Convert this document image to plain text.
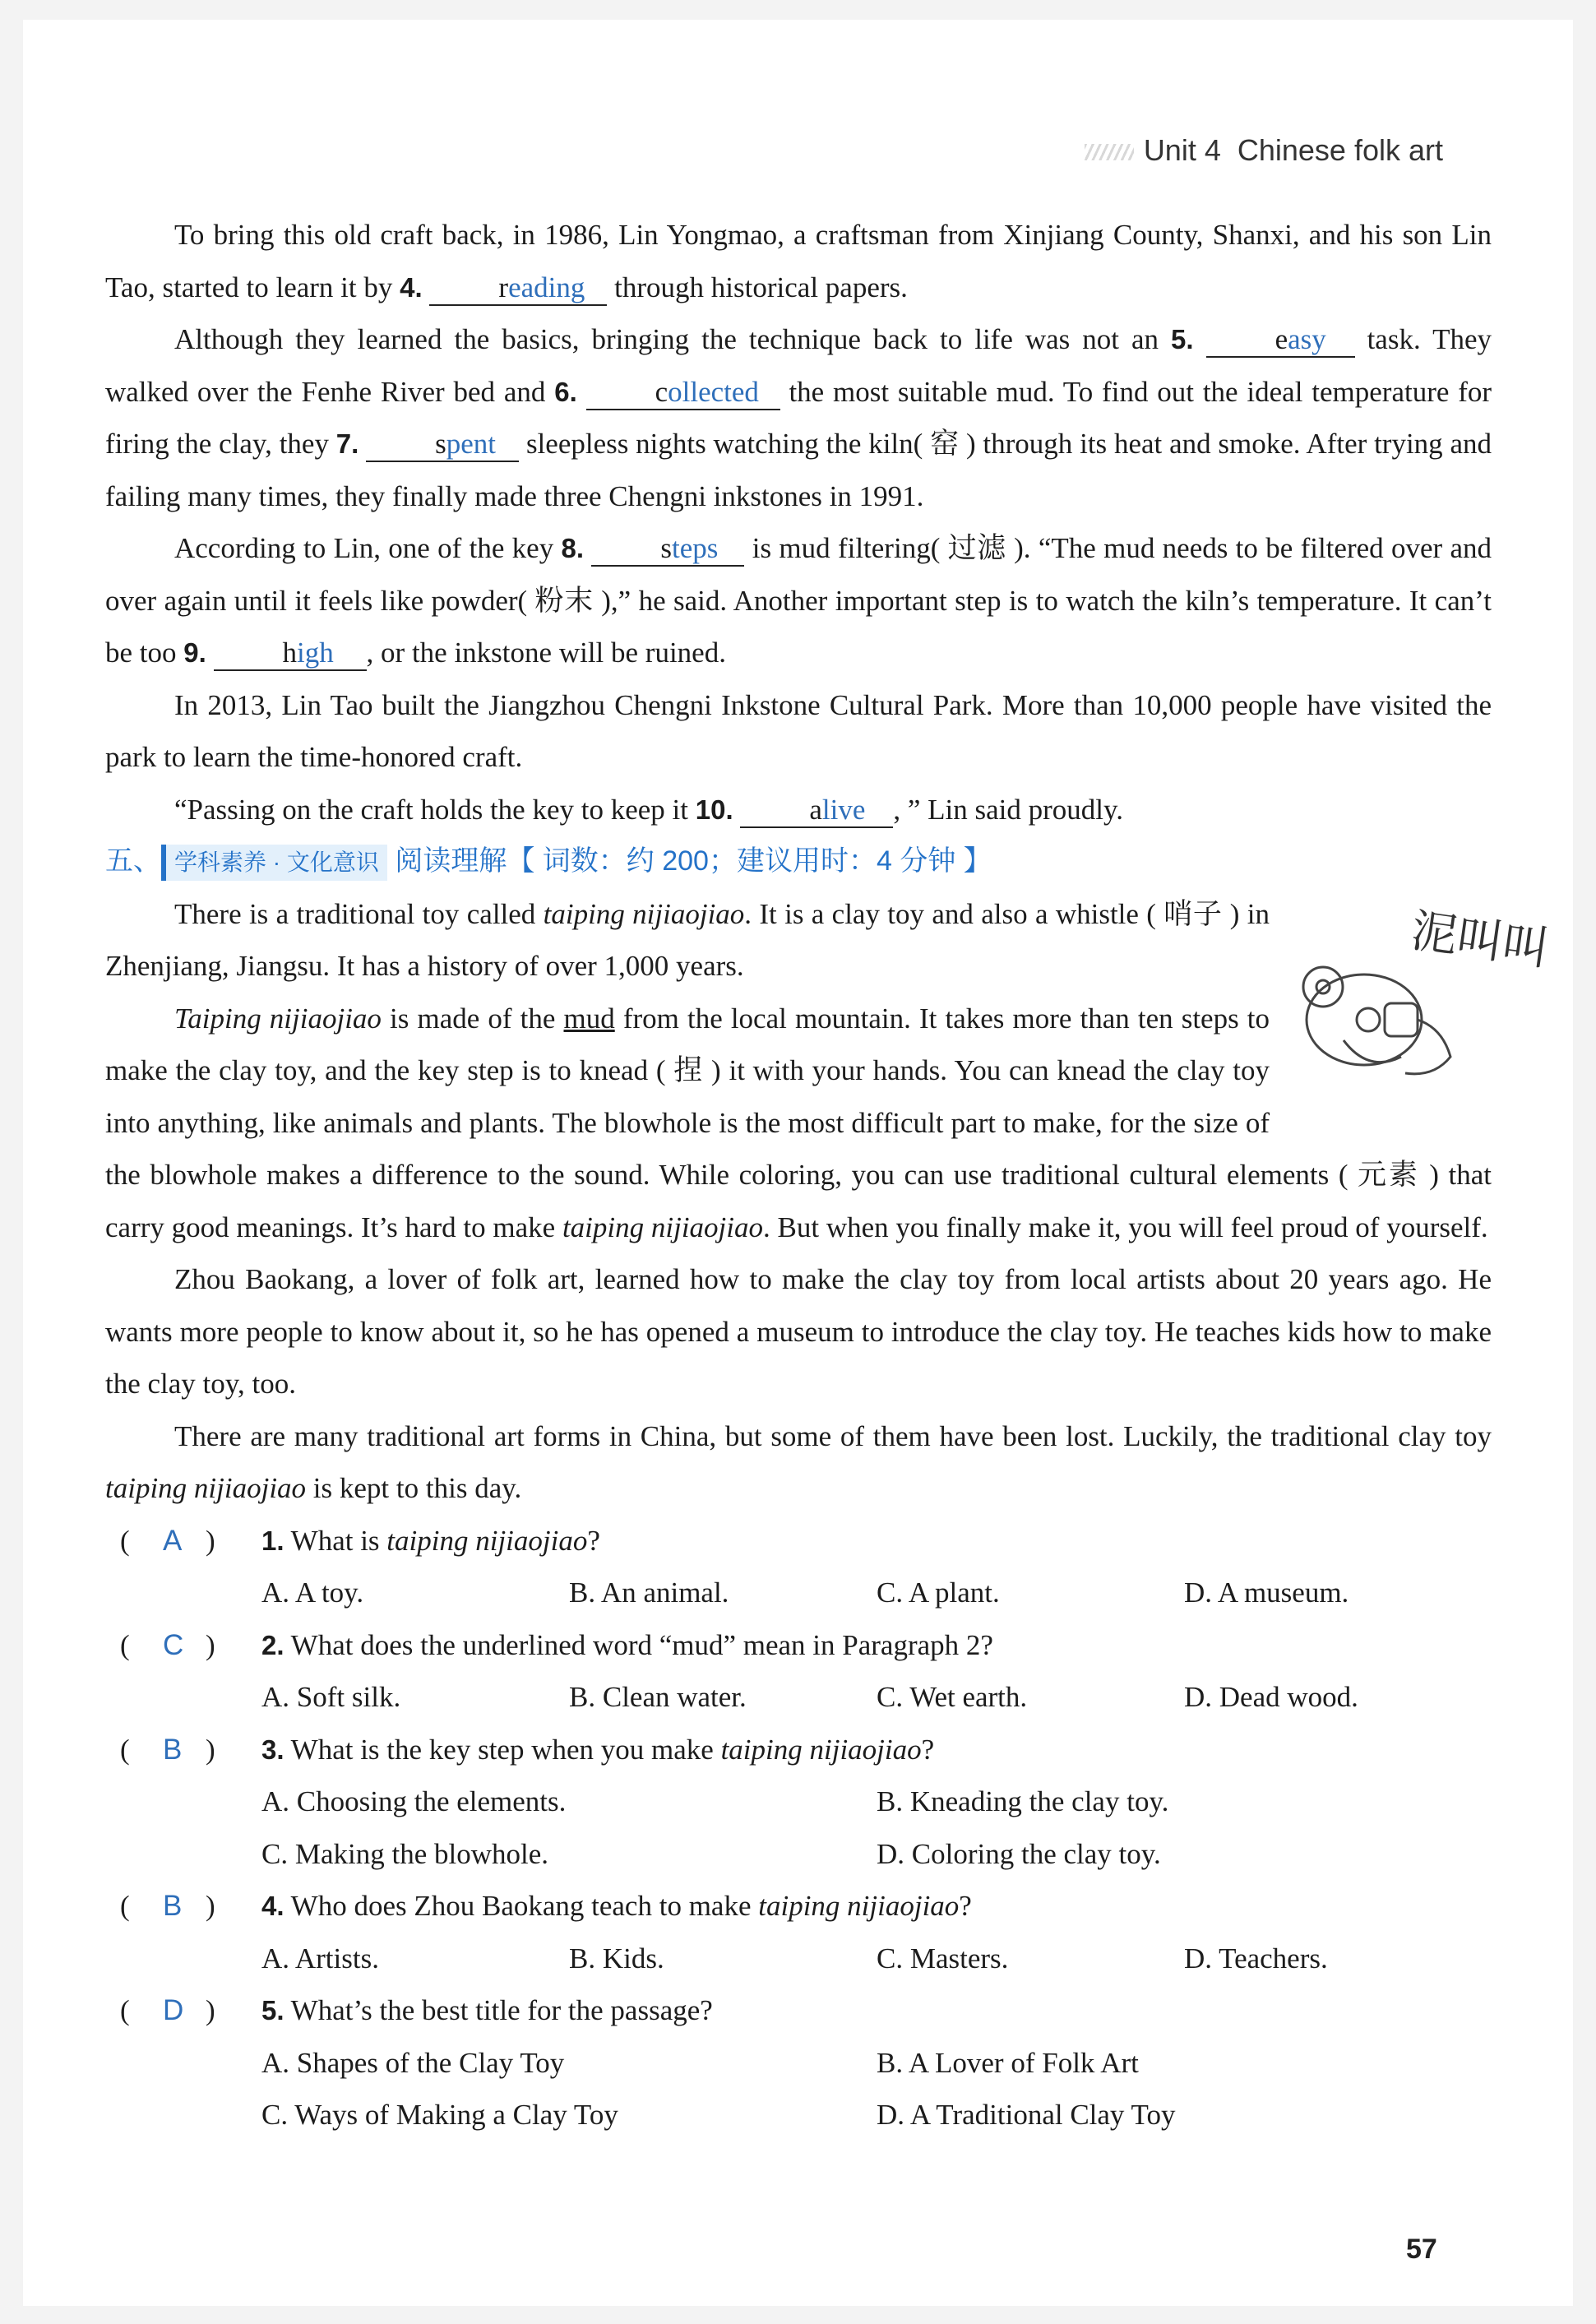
Unit 4 Chinese folk art

To bring this old craft back, in 1986, Lin Yongmao, a craftsman from Xinjiang County, Shanxi, and his son Lin Tao, started to learn it by 4.	reading through historical papers.

Although they learned the basics, bringing the technique back to life was not an 5.	easy task. They walked over the Fenhe River bed and 6.	collected the most suitable mud. To find out the ideal temperature for firing the clay, they 7.	spent sleepless nights watching the kiln( 窑 ) through its heat and smoke. After trying and failing many times, they finally made three Chengni inkstones in 1991.

According to Lin, one of the key 8.	steps is mud filtering( 过滤 ). “The mud needs to be filtered over and over again until it feels like powder( 粉末 ),” he said. Another important step is to watch the kiln’s temperature. It can’t be too 9.	high , or the inkstone will be ruined.

In 2013, Lin Tao built the Jiangzhou Chengni Inkstone Cultural Park. More than 10,000 people have visited the park to learn the time-honored craft.

“Passing on the craft holds the key to keep it 10.	alive , ” Lin said proudly.

五、 学科素养 · 文化意识 阅读理解【 词数：约 200；建议用时：4 分钟 】

泥叫叫

There is a traditional toy called taiping nijiaojiao. It is a clay toy and also a whistle ( 哨子 ) in Zhenjiang, Jiangsu. It has a history of over 1,000 years.

Taiping nijiaojiao is made of the mud from the local mountain. It takes more than ten steps to make the clay toy, and the key step is to knead ( 捏 ) it with your hands. You can knead the clay toy into anything, like animals and plants. The blowhole is the most difficult part to make, for the size of the blowhole makes a difference to the sound. While coloring, you can use traditional cultural elements ( 元素 ) that carry good meanings. It’s hard to make taiping nijiaojiao. But when you finally make it, you will feel proud of yourself.

Zhou Baokang, a lover of folk art, learned how to make the clay toy from local artists about 20 years ago. He wants more people to know about it, so he has opened a museum to introduce the clay toy. He teaches kids how to make the clay toy, too.

There are many traditional art forms in China, but some of them have been lost. Luckily, the traditional clay toy taiping nijiaojiao is kept to this day.

( A ) 1. What is taiping nijiaojiao?
A. A toy.	B. An animal.	C. A plant.	D. A museum.
( C ) 2. What does the underlined word “mud” mean in Paragraph 2?
A. Soft silk.	B. Clean water.	C. Wet earth.	D. Dead wood.
( B ) 3. What is the key step when you make taiping nijiaojiao?
A. Choosing the elements.	B. Kneading the clay toy.
C. Making the blowhole.	D. Coloring the clay toy.
( B ) 4. Who does Zhou Baokang teach to make taiping nijiaojiao?
A. Artists.	B. Kids.	C. Masters.	D. Teachers.
( D ) 5. What’s the best title for the passage?
A. Shapes of the Clay Toy	B. A Lover of Folk Art
C. Ways of Making a Clay Toy	D. A Traditional Clay Toy
57
